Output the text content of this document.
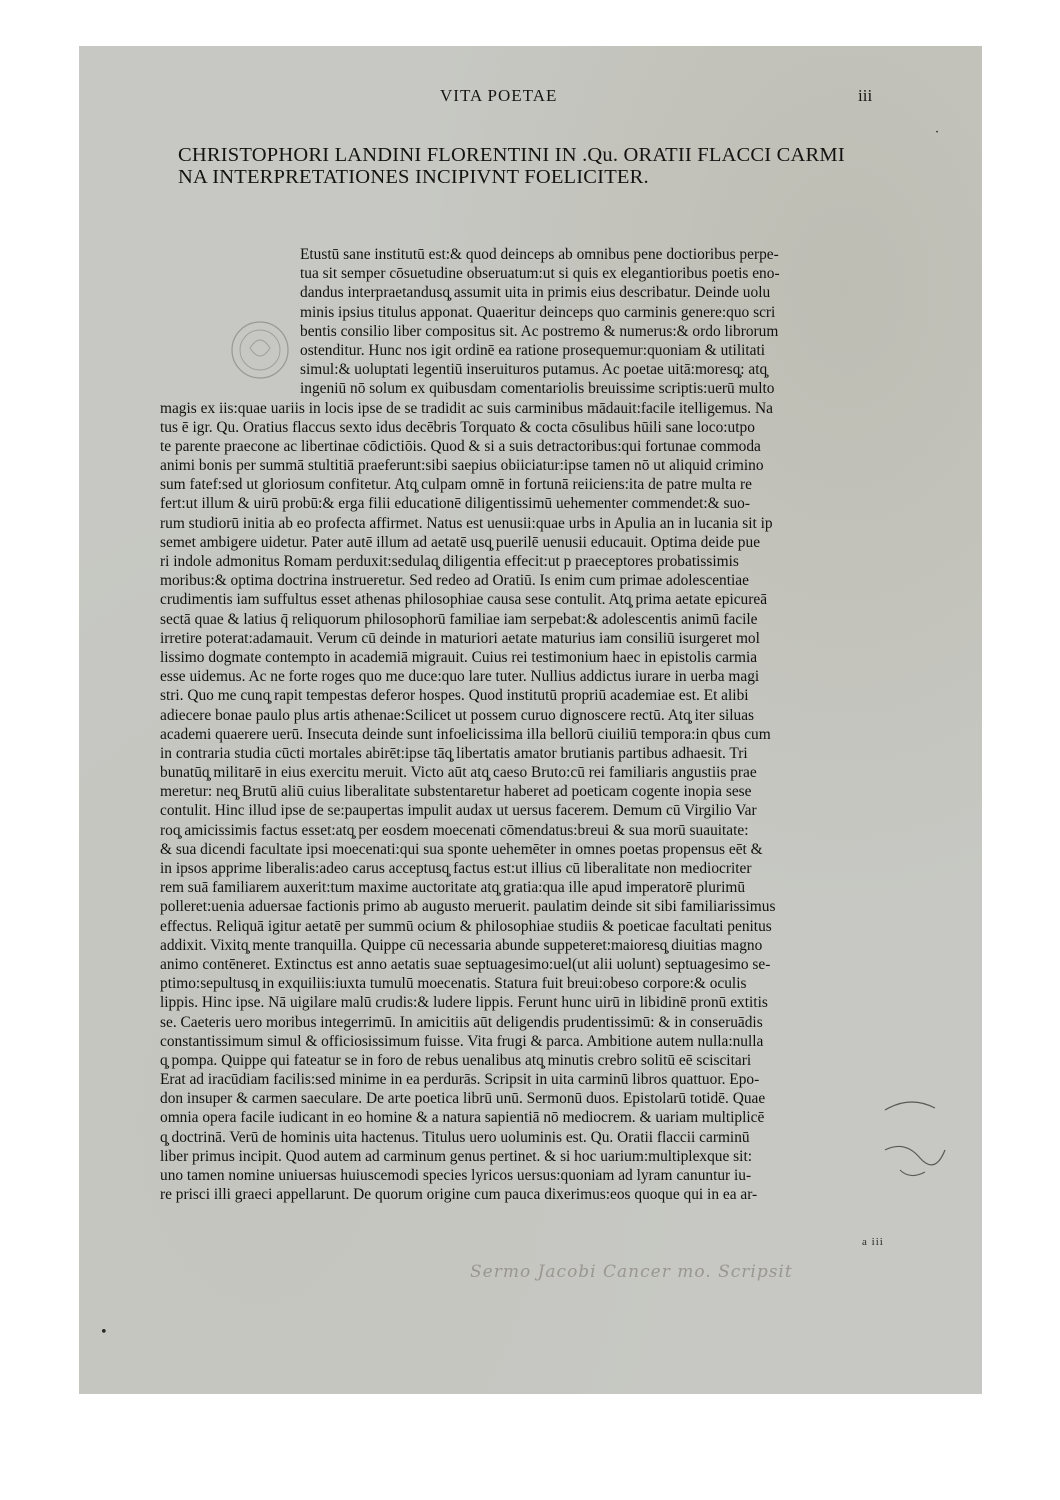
VITA POETAE	iii
CHRISTOPHORI LANDINI FLORENTINI IN .Qu. ORATII FLACCI CARMI
NA INTERPRETATIONES INCIPIVNT FOELICITER.
Etustū sane institutū est:& quod deinceps ab omnibus pene doctioribus perpe-
tua sit semper cōsuetudine obseruatum:ut si quis ex elegantioribus poetis eno-
dandus interpraetandusq̧ assumit uita in primis eius describatur. Deinde uolu
minis ipsius titulus apponat. Quaeritur deinceps quo carminis genere:quo scri
bentis consilio liber compositus sit. Ac postremo & numerus:& ordo librorum
ostenditur. Hunc nos igit ordinē ea ratione prosequemur:quoniam & utilitati
simul:& uoluptati legentiū inseruituros putamus. Ac poetae uitā:moresq̧: atq̧
ingeniū nō solum ex quibusdam comentariolis breuissime scriptis:uerū multo
magis ex iis:quae uariis in locis ipse de se tradidit ac suis carminibus mādauit:facile itelligemus. Na
tus ē igr. Qu. Oratius flaccus sexto idus decēbris Torquato & cocta cōsulibus hūili sane loco:utpo
te parente praecone ac libertinae cōdictiōis. Quod & si a suis detractoribus:qui fortunae commoda
animi bonis per summā stultitiā praeferunt:sibi saepius obiiciatur:ipse tamen nō ut aliquid crimino
sum fatef:sed ut gloriosum confitetur. Atq̧ culpam omnē in fortunā reiiciens:ita de patre multa re
fert:ut illum & uirū probū:& erga filii educationē diligentissimū uehementer commendet:& suo-
rum studiorū initia ab eo profecta affirmet. Natus est uenusii:quae urbs in Apulia an in lucania sit ip
semet ambigere uidetur. Pater autē illum ad aetatē usq̧ puerilē uenusii educauit. Optima deide pue
ri indole admonitus Romam perduxit:sedulaq̧ diligentia effecit:ut p praeceptores probatissimis
moribus:& optima doctrina instrueretur. Sed redeo ad Oratiū. Is enim cum primae adolescentiae
crudimentis iam suffultus esset athenas philosophiae causa sese contulit. Atq̧ prima aetate epicureā
sectā quae & latius q̄ reliquorum philosophorū familiae iam serpebat:& adolescentis animū facile
irretire poterat:adamauit. Verum cū deinde in maturiori aetate maturius iam consiliū isurgeret mol
lissimo dogmate contempto in academiā migrauit. Cuius rei testimonium haec in epistolis carmia
esse uidemus. Ac ne forte roges quo me duce:quo lare tuter. Nullius addictus iurare in uerba magi
stri. Quo me cunq̧ rapit tempestas deferor hospes. Quod institutū propriū academiae est. Et alibi
adiecere bonae paulo plus artis athenae:Scilicet ut possem curuo dignoscere rectū. Atq̧ iter siluas
academi quaerere uerū. Insecuta deinde sunt infoelicissima illa bellorū ciuiliū tempora:in qbus cum
in contraria studia cūcti mortales abirēt:ipse tāq̧ libertatis amator brutianis partibus adhaesit. Tri
bunatūq̧ militarē in eius exercitu meruit. Victo aūt atq̧ caeso Bruto:cū rei familiaris angustiis prae
meretur: neq̧ Brutū aliū cuius liberalitate substentaretur haberet ad poeticam cogente inopia sese
contulit. Hinc illud ipse de se:paupertas impulit audax ut uersus facerem. Demum cū Virgilio Var
roq̧ amicissimis factus esset:atq̧ per eosdem moecenati cōmendatus:breui & sua morū suauitate:
& sua dicendi facultate ipsi moecenati:qui sua sponte uehemēter in omnes poetas propensus eēt &
in ipsos apprime liberalis:adeo carus acceptusq̧ factus est:ut illius cū liberalitate non mediocriter
rem suā familiarem auxerit:tum maxime auctoritate atq̧ gratia:qua ille apud imperatorē plurimū
polleret:uenia aduersae factionis primo ab augusto meruerit. paulatim deinde sit sibi familiarissimus
effectus. Reliquā igitur aetatē per summū ocium & philosophiae studiis & poeticae facultati penitus
addixit. Vixitq̧ mente tranquilla. Quippe cū necessaria abunde suppeteret:maioresq̧ diuitias magno
animo contēneret. Extinctus est anno aetatis suae septuagesimo:uel(ut alii uolunt) septuagesimo se-
ptimo:sepultusq̧ in exquiliis:iuxta tumulū moecenatis. Statura fuit breui:obeso corpore:& oculis
lippis. Hinc ipse. Nā uigilare malū crudis:& ludere lippis. Ferunt hunc uirū in libidinē pronū extitis
se. Caeteris uero moribus integerrimū. In amicitiis aūt deligendis prudentissimū: & in conseruādis
constantissimum simul & officiosissimum fuisse. Vita frugi & parca. Ambitione autem nulla:nulla
q̧ pompa. Quippe qui fateatur se in foro de rebus uenalibus atq̧ minutis crebro solitū eē sciscitari
Erat ad iracūdiam facilis:sed minime in ea perdurās. Scripsit in uita carminū libros quattuor. Epo-
don insuper & carmen saeculare. De arte poetica librū unū. Sermonū duos. Epistolarū totidē. Quae
omnia opera facile iudicant in eo homine & a natura sapientiā nō mediocrem. & uariam multiplicē
q̧ doctrinā. Verū de hominis uita hactenus. Titulus uero uoluminis est. Qu. Oratii flaccii carminū
liber primus incipit. Quod autem ad carminum genus pertinet. & si hoc uarium:multiplexque sit:
uno tamen nomine uniuersas huiuscemodi species lyricos uersus:quoniam ad lyram canuntur iu-
re prisci illi graeci appellarunt. De quorum origine cum pauca dixerimus:eos quoque qui in ea ar-
a iii
Sermo Jacobi Cancer mo. Scripsit
•
·
